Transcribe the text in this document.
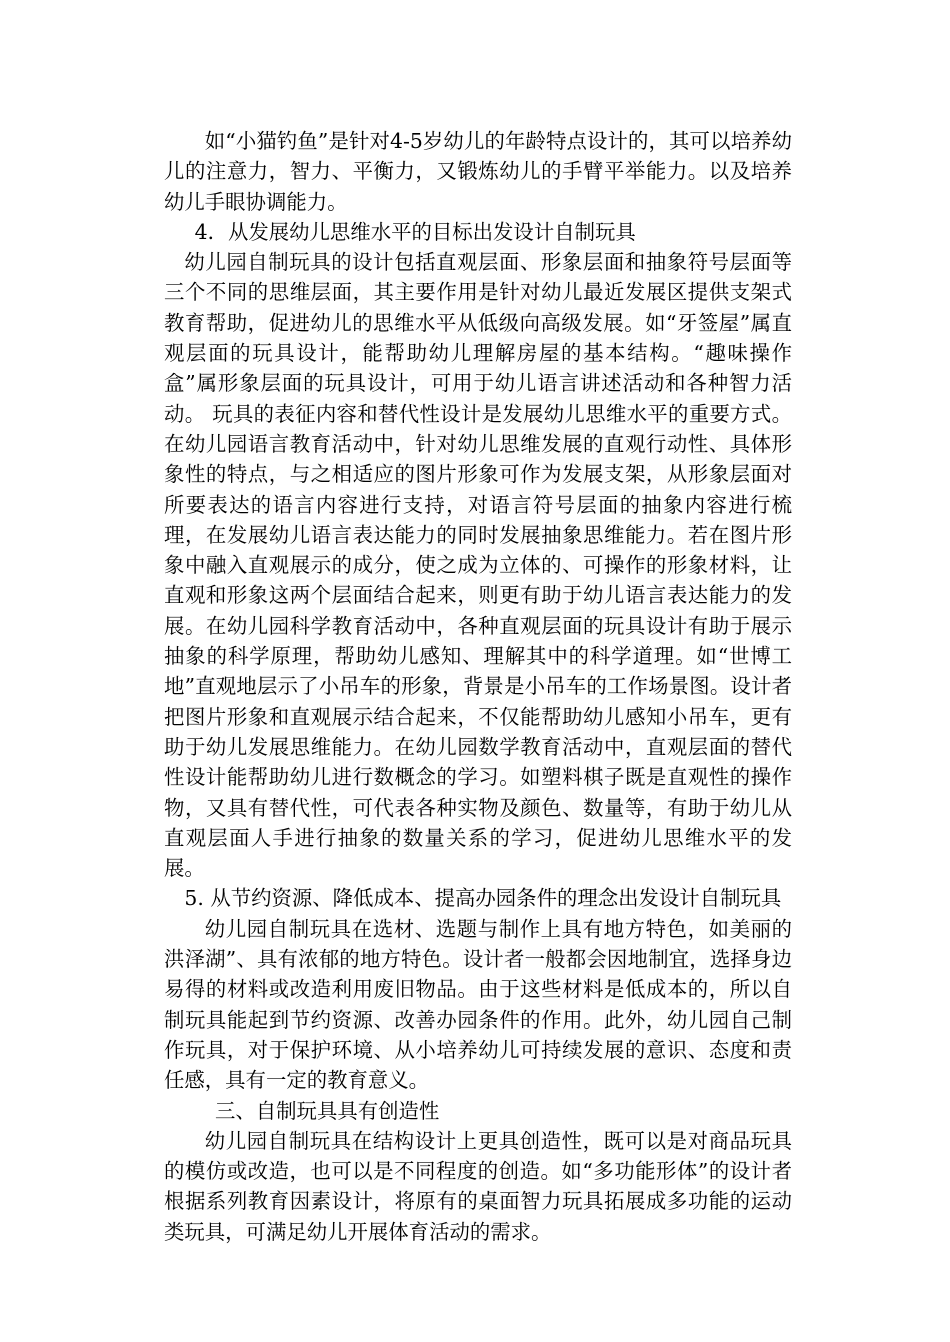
如“小猫钓鱼”是针对4-5岁幼儿的年龄特点设计的，其可以培养幼儿的注意力，智力、平衡力，又锻炼幼儿的手臂平举能力。以及培养幼儿手眼协调能力。

4．从发展幼儿思维水平的目标出发设计自制玩具

幼儿园自制玩具的设计包括直观层面、形象层面和抽象符号层面等三个不同的思维层面，其主要作用是针对幼儿最近发展区提供支架式教育帮助，促进幼儿的思维水平从低级向高级发展。如“牙签屋”属直观层面的玩具设计，能帮助幼儿理解房屋的基本结构。“趣味操作盒”属形象层面的玩具设计，可用于幼儿语言讲述活动和各种智力活动。 玩具的表征内容和替代性设计是发展幼儿思维水平的重要方式。在幼儿园语言教育活动中，针对幼儿思维发展的直观行动性、具体形象性的特点，与之相适应的图片形象可作为发展支架，从形象层面对所要表达的语言内容进行支持，对语言符号层面的抽象内容进行梳理，在发展幼儿语言表达能力的同时发展抽象思维能力。若在图片形象中融入直观展示的成分，使之成为立体的、可操作的形象材料，让直观和形象这两个层面结合起来，则更有助于幼儿语言表达能力的发展。在幼儿园科学教育活动中，各种直观层面的玩具设计有助于展示抽象的科学原理，帮助幼儿感知、理解其中的科学道理。如“世博工地”直观地层示了小吊车的形象，背景是小吊车的工作场景图。设计者把图片形象和直观展示结合起来，不仅能帮助幼儿感知小吊车，更有助于幼儿发展思维能力。在幼儿园数学教育活动中，直观层面的替代性设计能帮助幼儿进行数概念的学习。如塑料棋子既是直观性的操作物，又具有替代性，可代表各种实物及颜色、数量等，有助于幼儿从直观层面人手进行抽象的数量关系的学习，促进幼儿思维水平的发展。

5. 从节约资源、降低成本、提高办园条件的理念出发设计自制玩具

幼儿园自制玩具在选材、选题与制作上具有地方特色，如美丽的洪泽湖”、具有浓郁的地方特色。设计者一般都会因地制宜，选择身边易得的材料或改造利用废旧物品。由于这些材料是低成本的，所以自制玩具能起到节约资源、改善办园条件的作用。此外，幼儿园自己制作玩具，对于保护环境、从小培养幼儿可持续发展的意识、态度和责任感，具有一定的教育意义。

三、自制玩具具有创造性

幼儿园自制玩具在结构设计上更具创造性，既可以是对商品玩具的模仿或改造，也可以是不同程度的创造。如“多功能形体”的设计者根据系列教育因素设计，将原有的桌面智力玩具拓展成多功能的运动类玩具，可满足幼儿开展体育活动的需求。
